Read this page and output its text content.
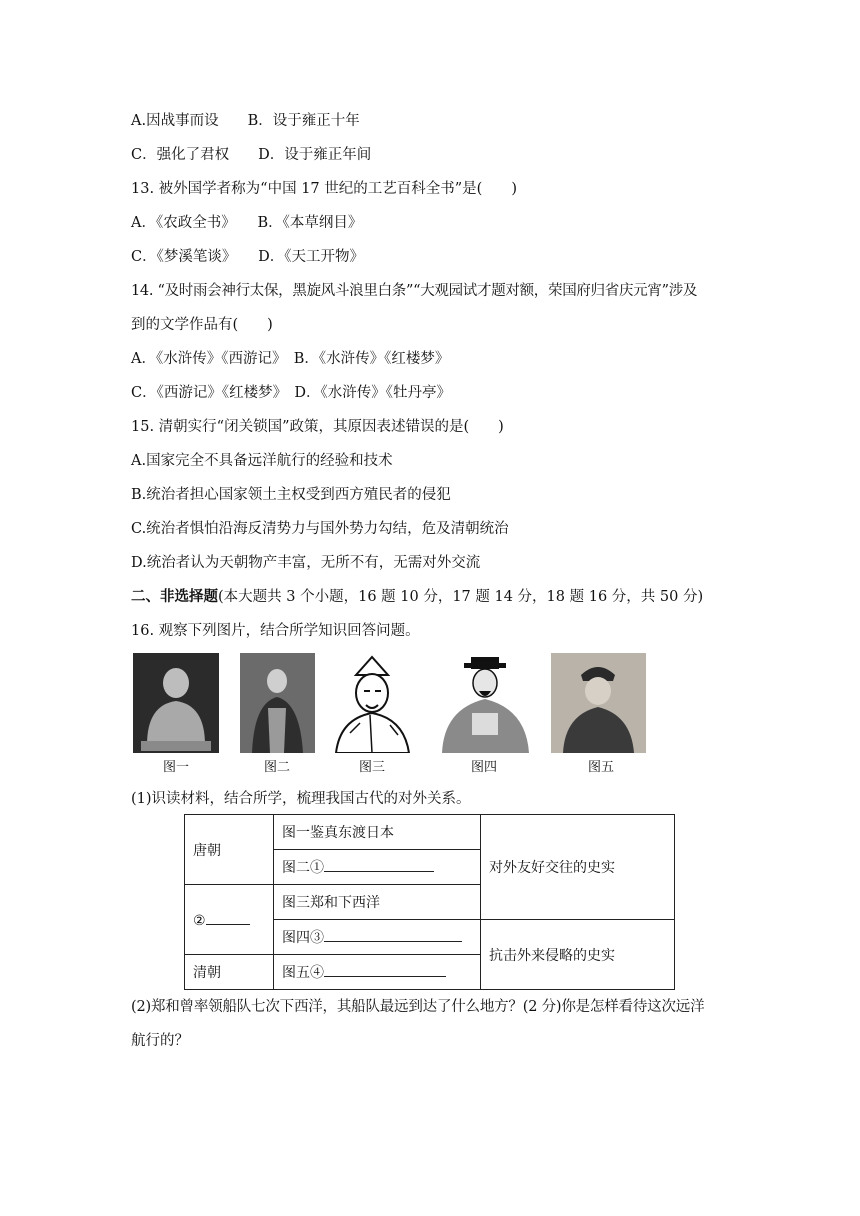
A.因战事而设　　B．设于雍正十年
C．强化了君权　　D．设于雍正年间
13. 被外国学者称为“中国 17 世纪的工艺百科全书”是(　　)
A．《农政全书》　　B．《本草纲目》
C．《梦溪笔谈》　　D．《天工开物》
14. “及时雨会神行太保，黑旋风斗浪里白条”“大观园试才题对额，荣国府归省庆元宵”涉及
到的文学作品有(　　)
A．《水浒传》《西游记》　B．《水浒传》《红楼梦》
C．《西游记》《红楼梦》　D．《水浒传》《牡丹亭》
15. 清朝实行“闭关锁国”政策，其原因表述错误的是(　　)
A.国家完全不具备远洋航行的经验和技术
B.统治者担心国家领土主权受到西方殖民者的侵犯
C.统治者惧怕沿海反清势力与国外势力勾结，危及清朝统治
D.统治者认为天朝物产丰富，无所不有，无需对外交流
二、非选择题(本大题共 3 个小题，16 题 10 分，17 题 14 分，18 题 16 分，共 50 分)
16. 观察下列图片，结合所学知识回答问题。
图一	图二	图三	图四	图五
(1)识读材料，结合所学，梳理我国古代的对外关系。
唐朝	图一鉴真东渡日本	对外友好交往的史实
	图二①	
②	图三郑和下西洋	
	图四③	抗击外来侵略的史实
清朝	图五④	
(2)郑和曾率领船队七次下西洋，其船队最远到达了什么地方？(2 分)你是怎样看待这次远洋
航行的？
